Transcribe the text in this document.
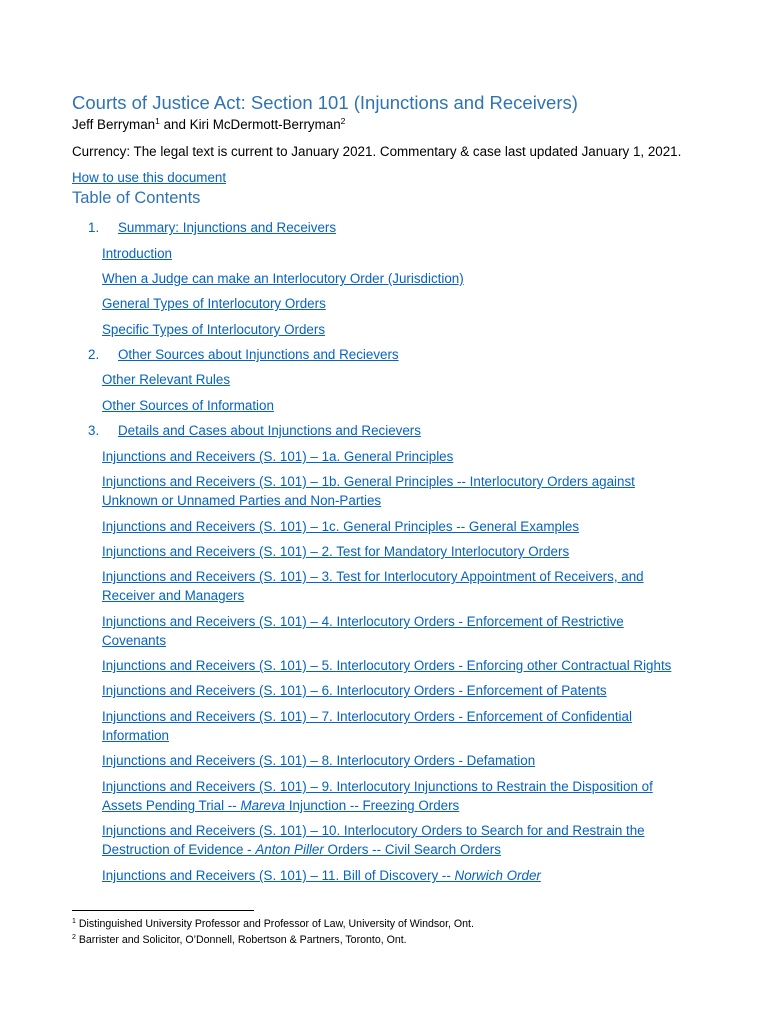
Courts of Justice Act: Section 101 (Injunctions and Receivers)
Jeff Berryman$^1$ and Kiri McDermott-Berryman$^2$
Currency: The legal text is current to January 2021. Commentary & case last updated January 1, 2021.
How to use this document
Table of Contents
1. Summary: Injunctions and Receivers
Introduction
When a Judge can make an Interlocutory Order (Jurisdiction)
General Types of Interlocutory Orders
Specific Types of Interlocutory Orders
2. Other Sources about Injunctions and Recievers
Other Relevant Rules
Other Sources of Information
3. Details and Cases about Injunctions and Recievers
Injunctions and Receivers (S. 101) – 1a. General Principles
Injunctions and Receivers (S. 101) – 1b. General Principles -- Interlocutory Orders against
Unknown or Unnamed Parties and Non-Parties
Injunctions and Receivers (S. 101) – 1c. General Principles -- General Examples
Injunctions and Receivers (S. 101) – 2. Test for Mandatory Interlocutory Orders
Injunctions and Receivers (S. 101) – 3. Test for Interlocutory Appointment of Receivers, and
Receiver and Managers
Injunctions and Receivers (S. 101) – 4. Interlocutory Orders - Enforcement of Restrictive
Covenants
Injunctions and Receivers (S. 101) – 5. Interlocutory Orders - Enforcing other Contractual Rights
Injunctions and Receivers (S. 101) – 6. Interlocutory Orders - Enforcement of Patents
Injunctions and Receivers (S. 101) – 7. Interlocutory Orders - Enforcement of Confidential
Information
Injunctions and Receivers (S. 101) – 8. Interlocutory Orders - Defamation
Injunctions and Receivers (S. 101) – 9. Interlocutory Injunctions to Restrain the Disposition of
Assets Pending Trial -- Mareva Injunction -- Freezing Orders
Injunctions and Receivers (S. 101) – 10. Interlocutory Orders to Search for and Restrain the
Destruction of Evidence - Anton Piller Orders -- Civil Search Orders
Injunctions and Receivers (S. 101) – 11. Bill of Discovery -- Norwich Order
$^1$ Distinguished University Professor and Professor of Law, University of Windsor, Ont.
$^2$ Barrister and Solicitor, O’Donnell, Robertson & Partners, Toronto, Ont.
